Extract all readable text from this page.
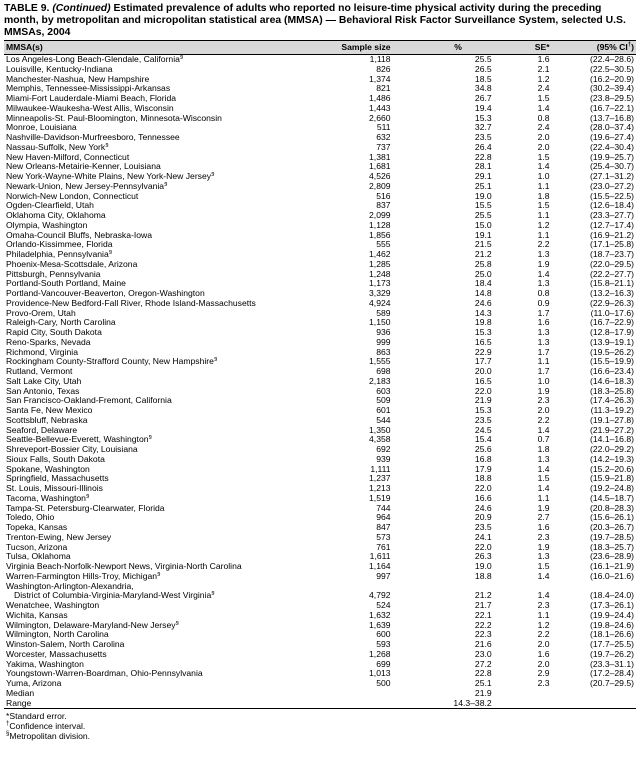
TABLE 9. (Continued) Estimated prevalence of adults who reported no leisure-time physical activity during the preceding month, by metropolitan and micropolitan statistical area (MMSA) — Behavioral Risk Factor Surveillance System, selected U.S. MMSAs, 2004
MMSA(s)	Sample size	%	SE*	(95% CI†)
Los Angeles-Long Beach-Glendale, California§	1,118	25.5	1.6	(22.4–28.6)
Louisville, Kentucky-Indiana	826	26.5	2.1	(22.5–30.5)
Manchester-Nashua, New Hampshire	1,374	18.5	1.2	(16.2–20.9)
Memphis, Tennessee-Mississippi-Arkansas	821	34.8	2.4	(30.2–39.4)
Miami-Fort Lauderdale-Miami Beach, Florida	1,486	26.7	1.5	(23.8–29.5)
Milwaukee-Waukesha-West Allis, Wisconsin	1,443	19.4	1.4	(16.7–22.1)
Minneapolis-St. Paul-Bloomington, Minnesota-Wisconsin	2,660	15.3	0.8	(13.7–16.8)
Monroe, Louisiana	511	32.7	2.4	(28.0–37.4)
Nashville-Davidson-Murfreesboro, Tennessee	632	23.5	2.0	(19.6–27.4)
Nassau-Suffolk, New York§	737	26.4	2.0	(22.4–30.4)
New Haven-Milford, Connecticut	1,381	22.8	1.5	(19.9–25.7)
New Orleans-Metairie-Kenner, Louisiana	1,681	28.1	1.4	(25.4–30.7)
New York-Wayne-White Plains, New York-New Jersey§	4,526	29.1	1.0	(27.1–31.2)
Newark-Union, New Jersey-Pennsylvania§	2,809	25.1	1.1	(23.0–27.2)
Norwich-New London, Connecticut	516	19.0	1.8	(15.5–22.5)
Ogden-Clearfield, Utah	837	15.5	1.5	(12.6–18.4)
Oklahoma City, Oklahoma	2,099	25.5	1.1	(23.3–27.7)
Olympia, Washington	1,128	15.0	1.2	(12.7–17.4)
Omaha-Council Bluffs, Nebraska-Iowa	1,856	19.1	1.1	(16.9–21.2)
Orlando-Kissimmee, Florida	555	21.5	2.2	(17.1–25.8)
Philadelphia, Pennsylvania§	1,462	21.2	1.3	(18.7–23.7)
Phoenix-Mesa-Scottsdale, Arizona	1,285	25.8	1.9	(22.0–29.5)
Pittsburgh, Pennsylvania	1,248	25.0	1.4	(22.2–27.7)
Portland-South Portland, Maine	1,173	18.4	1.3	(15.8–21.1)
Portland-Vancouver-Beaverton, Oregon-Washington	3,329	14.8	0.8	(13.2–16.3)
Providence-New Bedford-Fall River, Rhode Island-Massachusetts	4,924	24.6	0.9	(22.9–26.3)
Provo-Orem, Utah	589	14.3	1.7	(11.0–17.6)
Raleigh-Cary, North Carolina	1,150	19.8	1.6	(16.7–22.9)
Rapid City, South Dakota	936	15.3	1.3	(12.8–17.9)
Reno-Sparks, Nevada	999	16.5	1.3	(13.9–19.1)
Richmond, Virginia	863	22.9	1.7	(19.5–26.2)
Rockingham County-Strafford County, New Hampshire§	1,555	17.7	1.1	(15.5–19.9)
Rutland, Vermont	698	20.0	1.7	(16.6–23.4)
Salt Lake City, Utah	2,183	16.5	1.0	(14.6–18.3)
San Antonio, Texas	603	22.0	1.9	(18.3–25.8)
San Francisco-Oakland-Fremont, California	509	21.9	2.3	(17.4–26.3)
Santa Fe, New Mexico	601	15.3	2.0	(11.3–19.2)
Scottsbluff, Nebraska	544	23.5	2.2	(19.1–27.8)
Seaford, Delaware	1,350	24.5	1.4	(21.9–27.2)
Seattle-Bellevue-Everett, Washington§	4,358	15.4	0.7	(14.1–16.8)
Shreveport-Bossier City, Louisiana	692	25.6	1.8	(22.0–29.2)
Sioux Falls, South Dakota	939	16.8	1.3	(14.2–19.3)
Spokane, Washington	1,111	17.9	1.4	(15.2–20.6)
Springfield, Massachusetts	1,237	18.8	1.5	(15.9–21.8)
St. Louis, Missouri-Illinois	1,213	22.0	1.4	(19.2–24.8)
Tacoma, Washington§	1,519	16.6	1.1	(14.5–18.7)
Tampa-St. Petersburg-Clearwater, Florida	744	24.6	1.9	(20.8–28.3)
Toledo, Ohio	964	20.9	2.7	(15.6–26.1)
Topeka, Kansas	847	23.5	1.6	(20.3–26.7)
Trenton-Ewing, New Jersey	573	24.1	2.3	(19.7–28.5)
Tucson, Arizona	761	22.0	1.9	(18.3–25.7)
Tulsa, Oklahoma	1,611	26.3	1.3	(23.6–28.9)
Virginia Beach-Norfolk-Newport News, Virginia-North Carolina	1,164	19.0	1.5	(16.1–21.9)
Warren-Farmington Hills-Troy, Michigan§	997	18.8	1.4	(16.0–21.6)
Washington-Arlington-Alexandria,				
District of Columbia-Virginia-Maryland-West Virginia§	4,792	21.2	1.4	(18.4–24.0)
Wenatchee, Washington	524	21.7	2.3	(17.3–26.1)
Wichita, Kansas	1,632	22.1	1.1	(19.9–24.4)
Wilmington, Delaware-Maryland-New Jersey§	1,639	22.2	1.2	(19.8–24.6)
Wilmington, North Carolina	600	22.3	2.2	(18.1–26.6)
Winston-Salem, North Carolina	593	21.6	2.0	(17.7–25.5)
Worcester, Massachusetts	1,268	23.0	1.6	(19.7–26.2)
Yakima, Washington	699	27.2	2.0	(23.3–31.1)
Youngstown-Warren-Boardman, Ohio-Pennsylvania	1,013	22.8	2.9	(17.2–28.4)
Yuma, Arizona	500	25.1	2.3	(20.7–29.5)
Median		21.9		
Range		14.3–38.2		
*Standard error.
†Confidence interval.
§Metropolitan division.
